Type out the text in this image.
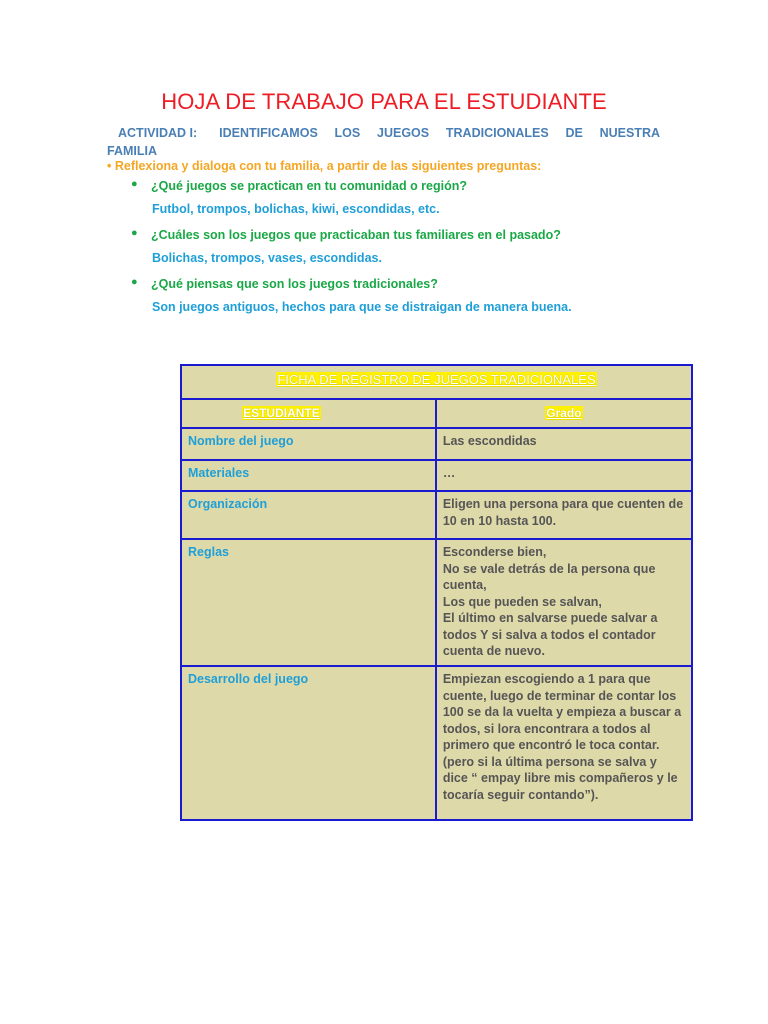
HOJA DE TRABAJO PARA EL ESTUDIANTE
ACTIVIDAD I: IDENTIFICAMOS LOS JUEGOS TRADICIONALES DE NUESTRA
FAMILIA
• Reflexiona y dialoga con tu familia, a partir de las siguientes preguntas:
● ¿Qué juegos se practican en tu comunidad o región?
Futbol, trompos, bolichas, kiwi, escondidas, etc.
● ¿Cuáles son los juegos que practicaban tus familiares en el pasado?
Bolichas, trompos, vases, escondidas.
● ¿Qué piensas que son los juegos tradicionales?
Son juegos antiguos, hechos para que se distraigan de manera buena.
FICHA DE REGISTRO DE JUEGOS TRADICIONALES	
ESTUDIANTE	Grado
Nombre del juego	Las escondidas
Materiales	…
Organización	Eligen una persona para que cuenten de 10 en 10 hasta 100.
Reglas	Esconderse bien,
No se vale detrás de la persona que cuenta,
Los que pueden se salvan,
El último en salvarse puede salvar a todos Y si salva a todos el contador cuenta de nuevo.
Desarrollo del juego	Empiezan escogiendo a 1 para que cuente, luego de terminar de contar los 100 se da la vuelta y empieza a buscar a todos, si lora encontrara a todos al primero que encontró le toca contar. (pero si la última persona se salva y dice “ empay libre mis compañeros y le tocaría seguir contando”).
